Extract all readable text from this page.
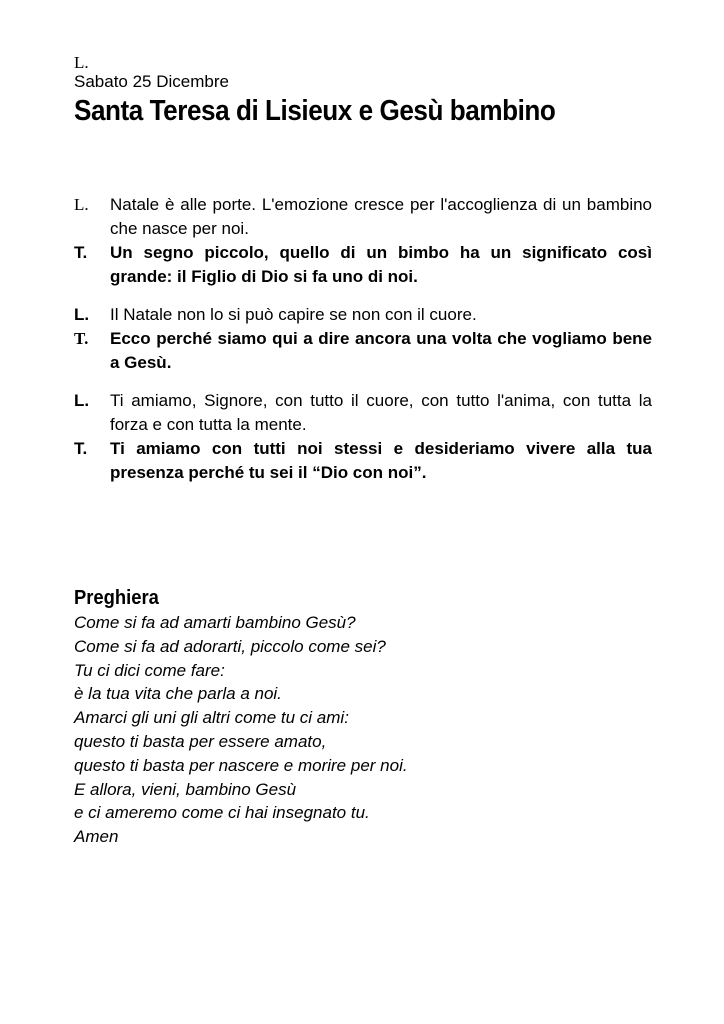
L.
Sabato 25 Dicembre
Santa Teresa di Lisieux e Gesù bambino
L.	Natale è alle porte. L'emozione cresce per l'accoglienza di un bambino che nasce per noi.
T.	Un segno piccolo, quello di un bimbo ha un significato così grande: il Figlio di Dio si fa uno di noi.
L.	Il Natale non lo si può capire se non con il cuore.
T.	Ecco perché siamo qui a dire ancora una volta che vogliamo bene a Gesù.
L.	Ti amiamo, Signore, con tutto il cuore, con tutto l'anima, con tutta la forza e con tutta la mente.
T.	Ti amiamo con tutti noi stessi e desideriamo vivere alla tua presenza perché tu sei il “Dio con noi”.
Preghiera
Come si fa ad amarti bambino Gesù?
Come si fa ad adorarti, piccolo come sei?
Tu ci dici come fare:
è la tua vita che parla a noi.
Amarci gli uni gli altri come tu ci ami:
questo ti basta per essere amato,
questo ti basta per nascere e morire per noi.
E allora, vieni, bambino Gesù
e ci ameremo come ci hai insegnato tu.
Amen
